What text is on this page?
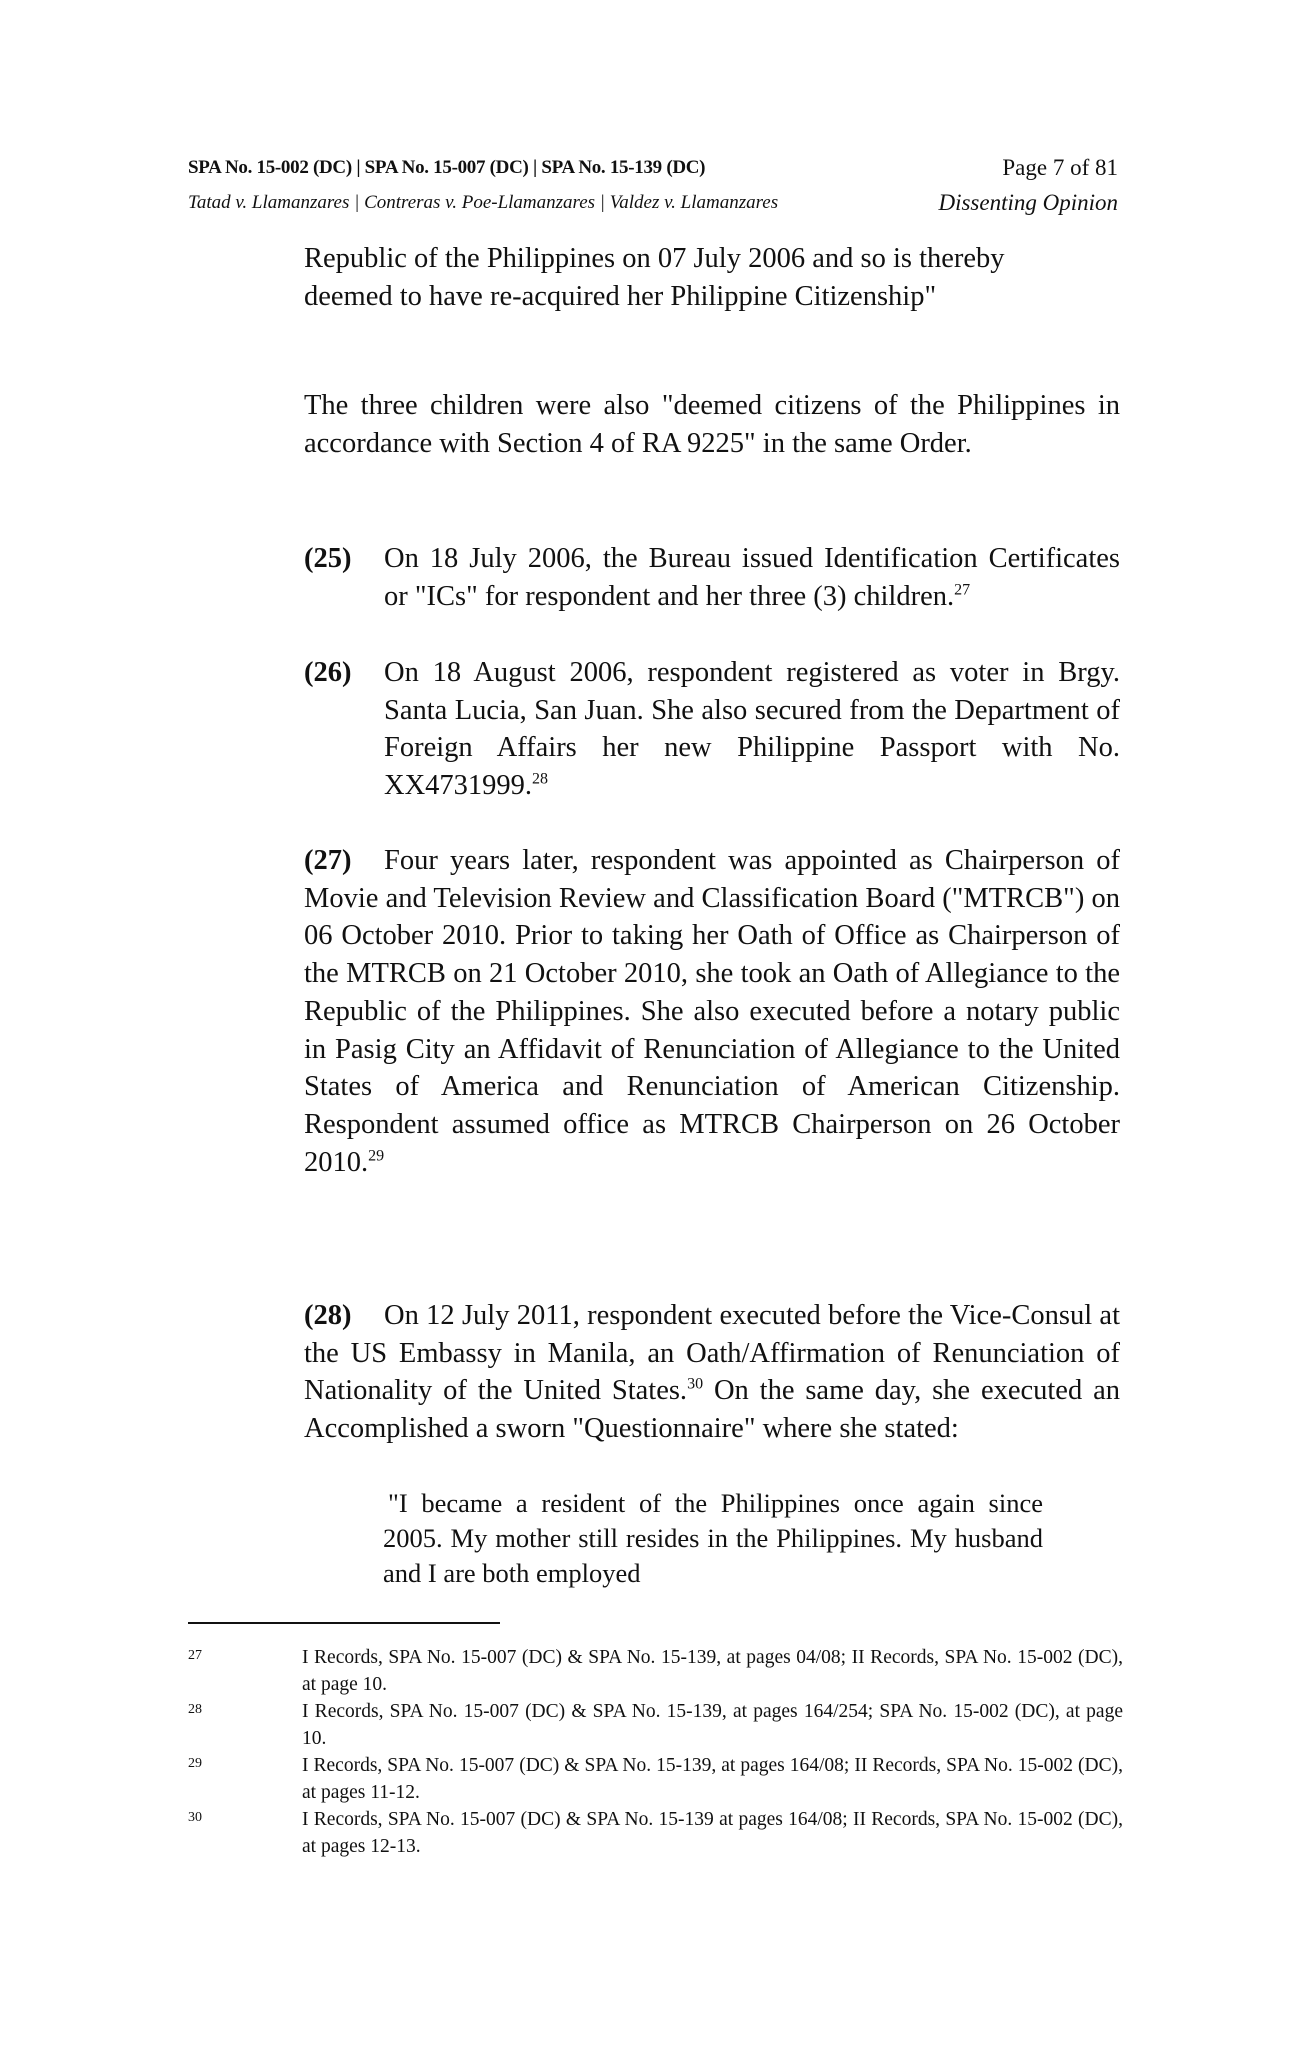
SPA No. 15-002 (DC) | SPA No. 15-007 (DC) | SPA No. 15-139 (DC)
Tatad v. Llamanzares | Contreras v. Poe-Llamanzares | Valdez v. Llamanzares
Page 7 of 81
Dissenting Opinion
Republic of the Philippines on 07 July 2006 and so is thereby deemed to have re-acquired her Philippine Citizenship"
The three children were also "deemed citizens of the Philippines in accordance with Section 4 of RA 9225" in the same Order.
(25) On 18 July 2006, the Bureau issued Identification Certificates or "ICs" for respondent and her three (3) children.$^{27}$
(26) On 18 August 2006, respondent registered as voter in Brgy. Santa Lucia, San Juan. She also secured from the Department of Foreign Affairs her new Philippine Passport with No. XX4731999.28
(27)	Four years later, respondent was appointed as Chairperson of Movie and Television Review and Classification Board ("MTRCB") on 06 October 2010. Prior to taking her Oath of Office as Chairperson of the MTRCB on 21 October 2010, she took an Oath of Allegiance to the Republic of the Philippines. She also executed before a notary public in Pasig City an Affidavit of Renunciation of Allegiance to the United States of America and Renunciation of American Citizenship. Respondent assumed office as MTRCB Chairperson on 26 October 2010.29
(28)	On 12 July 2011, respondent executed before the Vice-Consul at the US Embassy in Manila, an Oath/Affirmation of Renunciation of Nationality of the United States.$^{30}$ On the same day, she executed an Accomplished a sworn "Questionnaire" where she stated:
"I became a resident of the Philippines once again since 2005. My mother still resides in the Philippines. My husband and I are both employed
27	I Records, SPA No. 15-007 (DC) & SPA No. 15-139, at pages 04/08; II Records, SPA No. 15-002 (DC), at page 10.
28	I Records, SPA No. 15-007 (DC) & SPA No. 15-139, at pages 164/254; SPA No. 15-002 (DC), at page 10.
29	I Records, SPA No. 15-007 (DC) & SPA No. 15-139, at pages 164/08; II Records, SPA No. 15-002 (DC), at pages 11-12.
30	I Records, SPA No. 15-007 (DC) & SPA No. 15-139 at pages 164/08; II Records, SPA No. 15-002 (DC), at pages 12-13.
